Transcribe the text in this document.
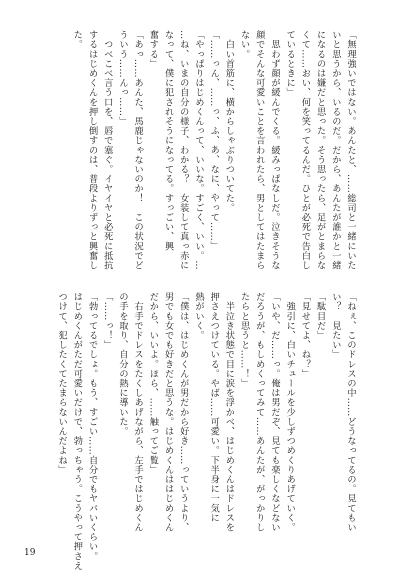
「無理強いではない。あんたと、……総司と一緒にいた
いと思うから、いるのだ。だから、あんたが誰かと一緒
になるのは嫌だと思った。そう思ったら、足がとまらな
くて……おい、何を笑ってるんだ。ひとが必死で告白し
ているときに」
　思わず顔が緩んでくる。緩みっぱなしだ。泣きそうな
顔でそんな可愛いことを言われたら、男としてはたまら
ない。
　白い首筋に、横からしゃぶりついてた。
「……っん、……っ、ふ、あ、なに、やって……」
「やっぱりはじめくんって、いいな。すごく、いい。…
…ね、いまの自分の様子、わかる？　女装して真っ赤に
なって、僕に犯されそうになってる。すっごい、興
奮する」
「あっ……あんた、馬鹿じゃないのか！　この状況でど
ういう……んっ……」
　つべこべ言う口を、唇で塞ぐ。イヤイヤと必死に抵抗
するはじめくんを押し倒すのは、普段よりずっと興奮し
た。
「ねぇ、このドレスの中……どうなってるの。見てもい
い？　見たい」
「駄目だ」
「見せてよ、ね？」
　強引に、白いチュールを少しずつめくりあげていく。
「いや、だ……っ。俺は男だぞ、見ても楽しくなどない
だろうが、もしめくってみて……あんたが、がっかりし
たらと思うと……！」
　半泣き状態で目に涙を浮かべ、はじめくんはドレスを
押さえつけている。やば……可愛い。下半身に一気に
熱がいく。
「僕は、はじめくんが男だから好き……っていうより、
男でも女でも好きだと思うな。はじめくんははじめくん
だから、いいよ。ほら、……触ってご覧」
　右手でドレスをたくしあげながら、左手ではじめくん
の手を取り、自分の熱に導いた。
「……っ！」
「勃ってるでしょ。もう、すごい……自分でもヤバいくらい。
はじめくんがただ可愛いだけで、勃っちゃう。こうやって押さえ
つけて、犯したくてたまらないんだよね」
19
